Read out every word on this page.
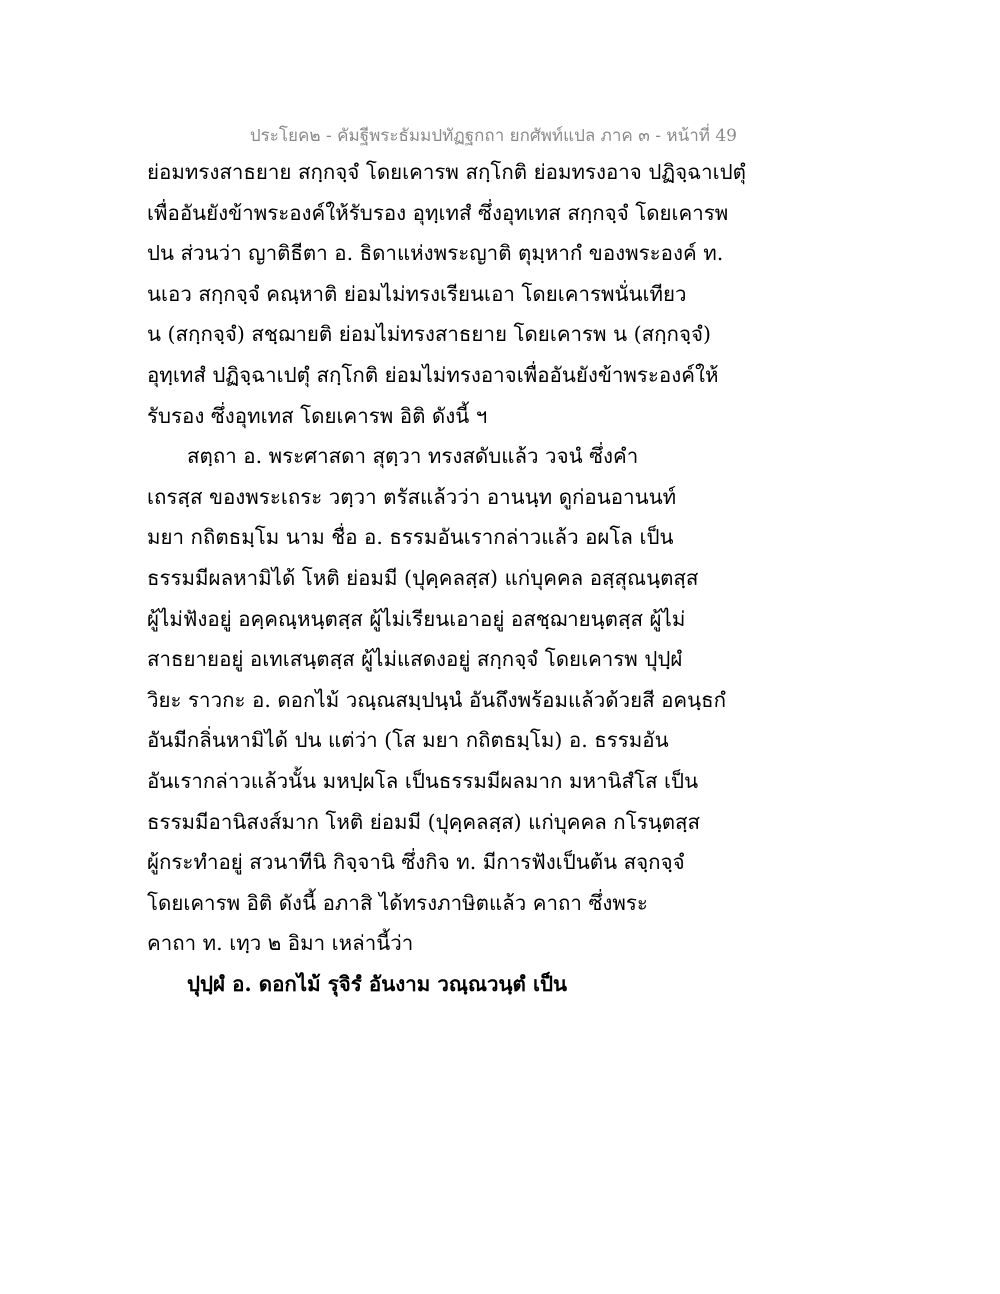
ประโยค๒ - คัมฐีพระธัมมปทัฏฐกถา ยกศัพท์แปล ภาค ๓ - หน้าที่ 49
ย่อมทรงสาธยาย สกฺกจฺจํ โดยเคารพ สกฺโกติ ย่อมทรงอาจ ปฏิจฺฉาเปตุํ
เพื่ออันยังข้าพระองค์ให้รับรอง อุทฺเทสํ ซึ่งอุทเทส สกฺกจฺจํ โดยเคารพ
ปน ส่วนว่า ญาติธีตา อ. ธิดาแห่งพระญาติ ตุมฺหากํ ของพระองค์ ท.
นเอว สกฺกจฺจํ คณฺหาติ ย่อมไม่ทรงเรียนเอา โดยเคารพนั่นเทียว
น (สกฺกจฺจํ) สชฺฌายติ ย่อมไม่ทรงสาธยาย โดยเคารพ น (สกฺกจฺจํ)
อุทฺเทสํ ปฏิจฺฉาเปตุํ สกฺโกติ ย่อมไม่ทรงอาจเพื่ออันยังข้าพระองค์ให้
รับรอง ซึ่งอุทเทส โดยเคารพ อิติ ดังนี้ ฯ
สตฺถา อ. พระศาสดา สุตฺวา ทรงสดับแล้ว วจนํ ซึ่งคำ
เถรสฺส ของพระเถระ วตฺวา ตรัสแล้วว่า อานนฺท ดูก่อนอานนท์
มยา กถิตธมฺโม นาม ชื่อ อ. ธรรมอันเรากล่าวแล้ว อผโล เป็น
ธรรมมีผลหามิได้ โหติ ย่อมมี (ปุคฺคลสฺส) แก่บุคคล อสฺสุณนฺตสฺส
ผู้ไม่ฟังอยู่ อคฺคณฺหนฺตสฺส ผู้ไม่เรียนเอาอยู่ อสชฺฌายนฺตสฺส ผู้ไม่
สาธยายอยู่ อเทเสนฺตสฺส ผู้ไม่แสดงอยู่ สกฺกจฺจํ โดยเคารพ ปุปฺผํ
วิยะ ราวกะ อ. ดอกไม้ วณฺณสมฺปนฺนํ อันถึงพร้อมแล้วด้วยสี อคนฺธกํ
อันมีกลิ่นหามิได้ ปน แต่ว่า (โส มยา กถิตธมฺโม) อ. ธรรมอัน
อันเรากล่าวแล้วนั้น มหปฺผโล เป็นธรรมมีผลมาก มหานิสํโส เป็น
ธรรมมีอานิสงส์มาก โหติ ย่อมมี (ปุคฺคลสฺส) แก่บุคคล กโรนฺตสฺส
ผู้กระทำอยู่ สวนาทีนิ กิจฺจานิ ซึ่งกิจ ท. มีการฟังเป็นต้น สจฺกจฺจํ
โดยเคารพ อิติ ดังนี้ อภาสิ ได้ทรงภาษิตแล้ว คาถา ซึ่งพระ
คาถา ท. เทฺว ๒ อิมา เหล่านี้ว่า
ปุปฺผํ อ. ดอกไม้ รุจิรํ อันงาม วณฺณวนฺตํ เป็น
